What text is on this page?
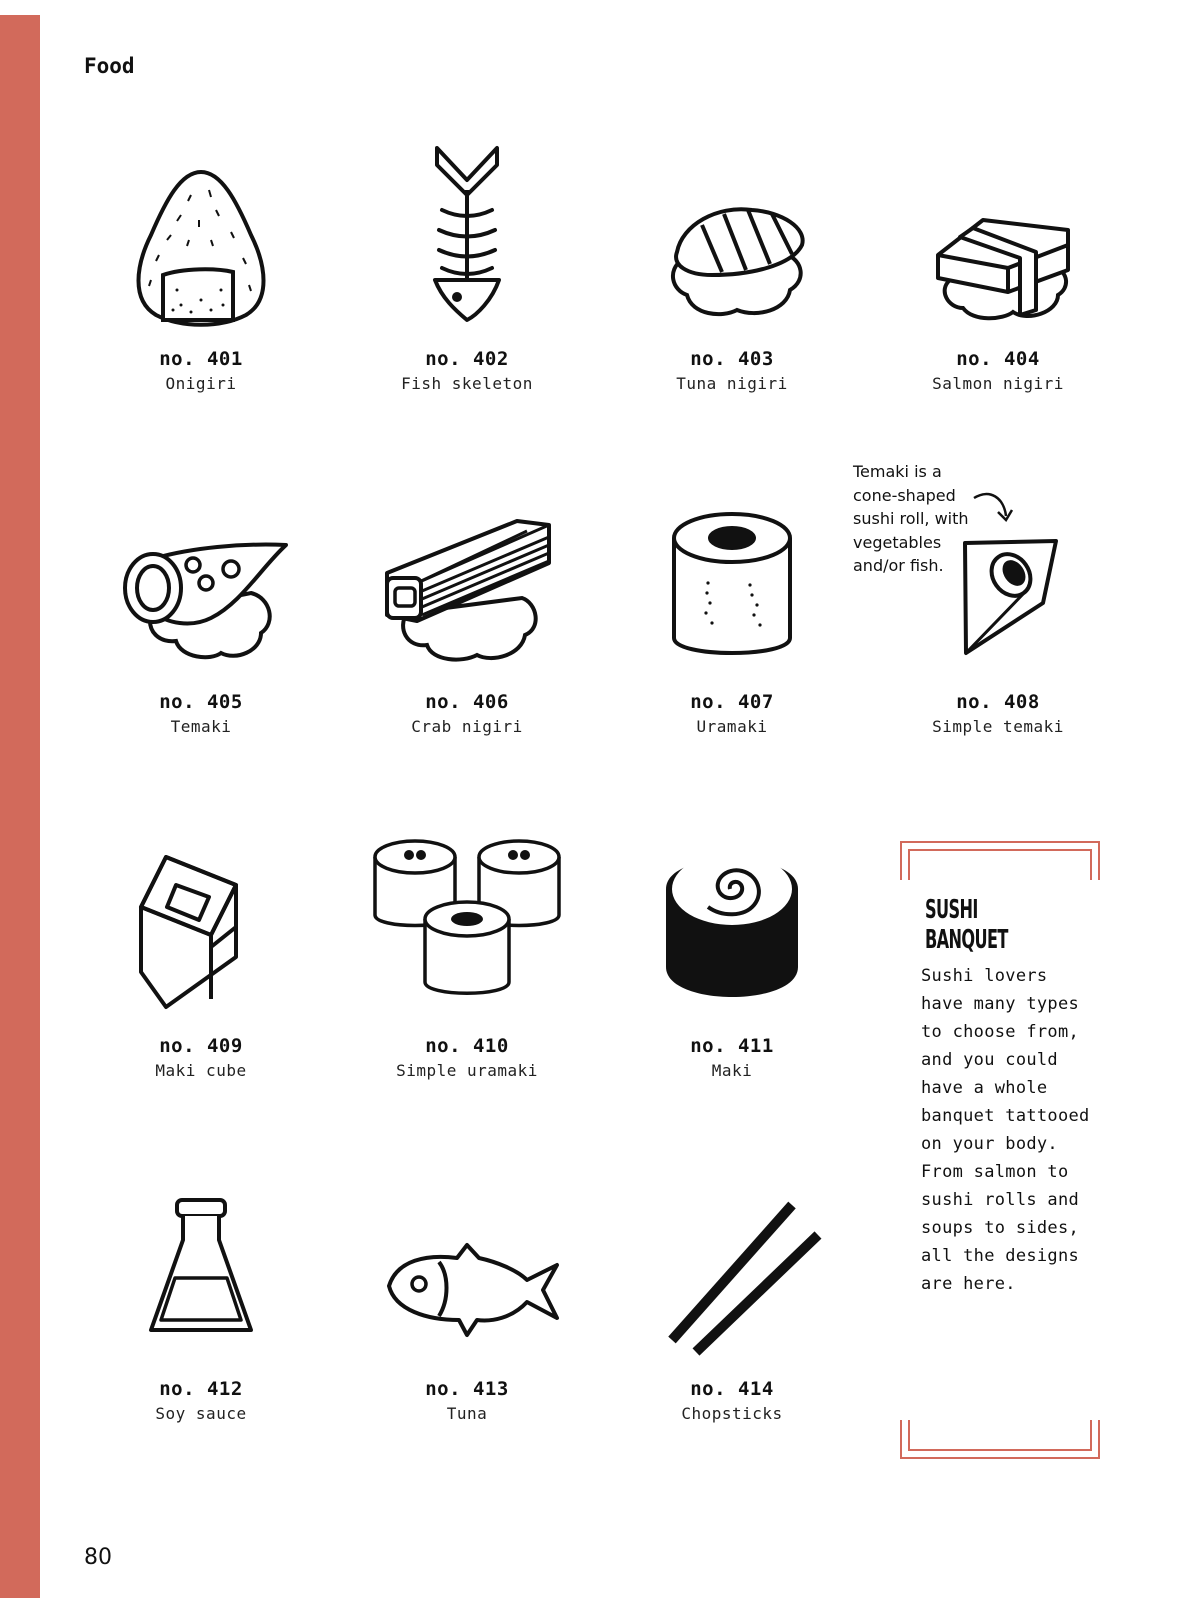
Food
no. 401
Onigiri
no. 402
Fish skeleton
no. 403
Tuna nigiri
no. 404
Salmon nigiri
no. 405
Temaki
no. 406
Crab nigiri
no. 407
Uramaki
no. 408
Simple temaki
Temaki is a cone-shaped sushi roll, with vegetables and/or fish.
no. 409
Maki cube
no. 410
Simple uramaki
no. 411
Maki
SUSHI
BANQUET
Sushi lovers have many types to choose from, and you could have a whole banquet tattooed on your body. From salmon to sushi rolls and soups to sides, all the designs are here.
no. 412
Soy sauce
no. 413
Tuna
no. 414
Chopsticks
80
